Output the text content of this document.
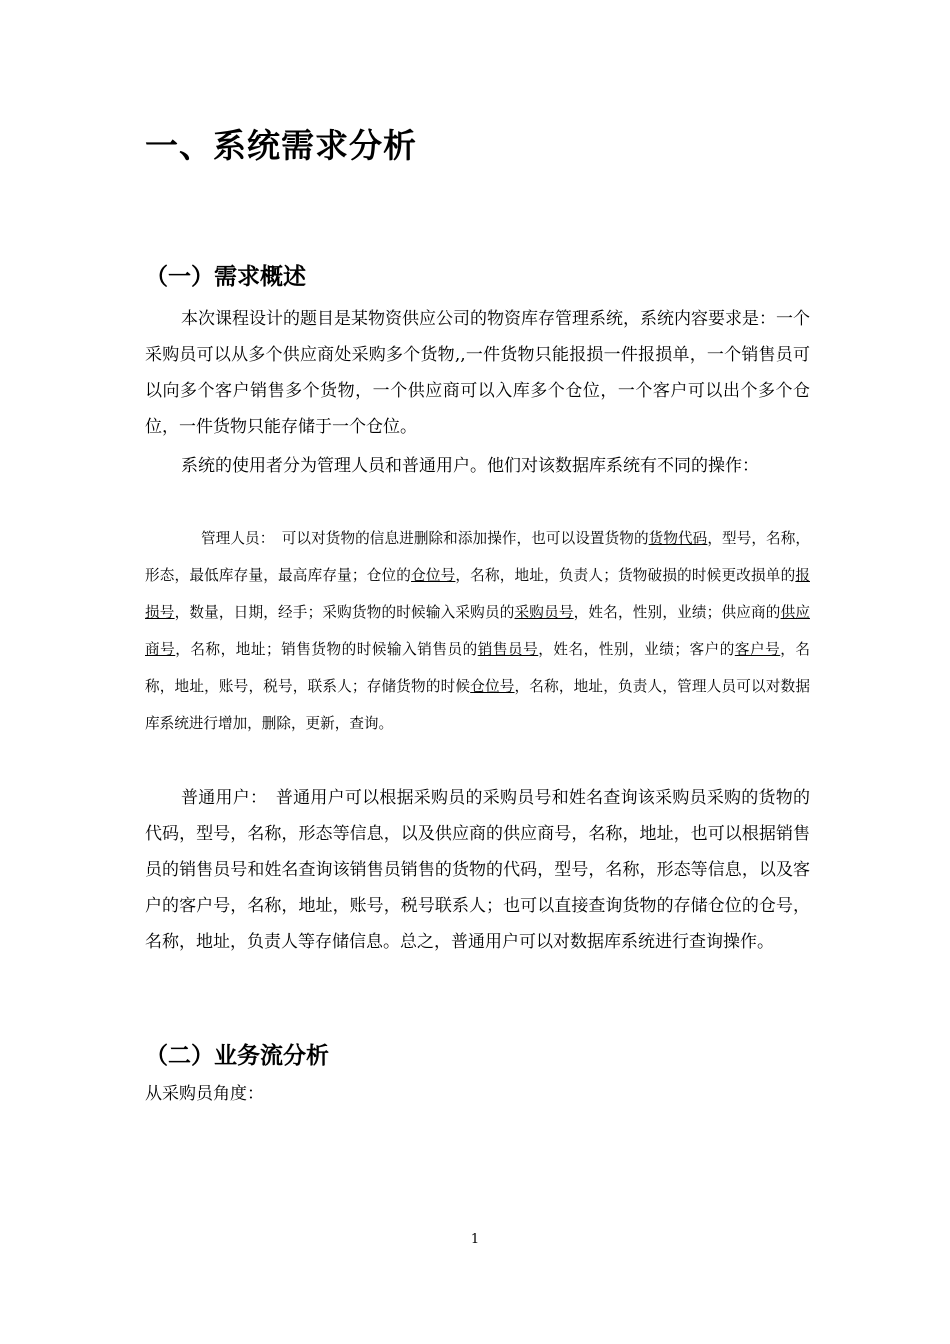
一、系统需求分析
（一）需求概述

本次课程设计的题目是某物资供应公司的物资库存管理系统，系统内容要求是：一个采购员可以从多个供应商处采购多个货物,,一件货物只能报损一件报损单，一个销售员可以向多个客户销售多个货物，一个供应商可以入库多个仓位，一个客户可以出个多个仓位，一件货物只能存储于一个仓位。

系统的使用者分为管理人员和普通用户。他们对该数据库系统有不同的操作：

管理人员：　可以对货物的信息进删除和添加操作，也可以设置货物的货物代码，型号，名称，形态，最低库存量，最高库存量；仓位的仓位号，名称，地址，负责人；货物破损的时候更改损单的报损号，数量，日期，经手；采购货物的时候输入采购员的采购员号，姓名，性别，业绩；供应商的供应商号，名称，地址；销售货物的时候输入销售员的销售员号，姓名，性别，业绩；客户的客户号，名称，地址，账号，税号，联系人；存储货物的时候仓位号，名称，地址，负责人，管理人员可以对数据库系统进行增加，删除，更新，查询。

普通用户：　普通用户可以根据采购员的采购员号和姓名查询该采购员采购的货物的代码，型号，名称，形态等信息，以及供应商的供应商号，名称，地址，也可以根据销售员的销售员号和姓名查询该销售员销售的货物的代码，型号，名称，形态等信息，以及客户的客户号，名称，地址，账号，税号联系人；也可以直接查询货物的存储仓位的仓号，名称，地址，负责人等存储信息。总之，普通用户可以对数据库系统进行查询操作。

（二）业务流分析

从采购员角度：

1
